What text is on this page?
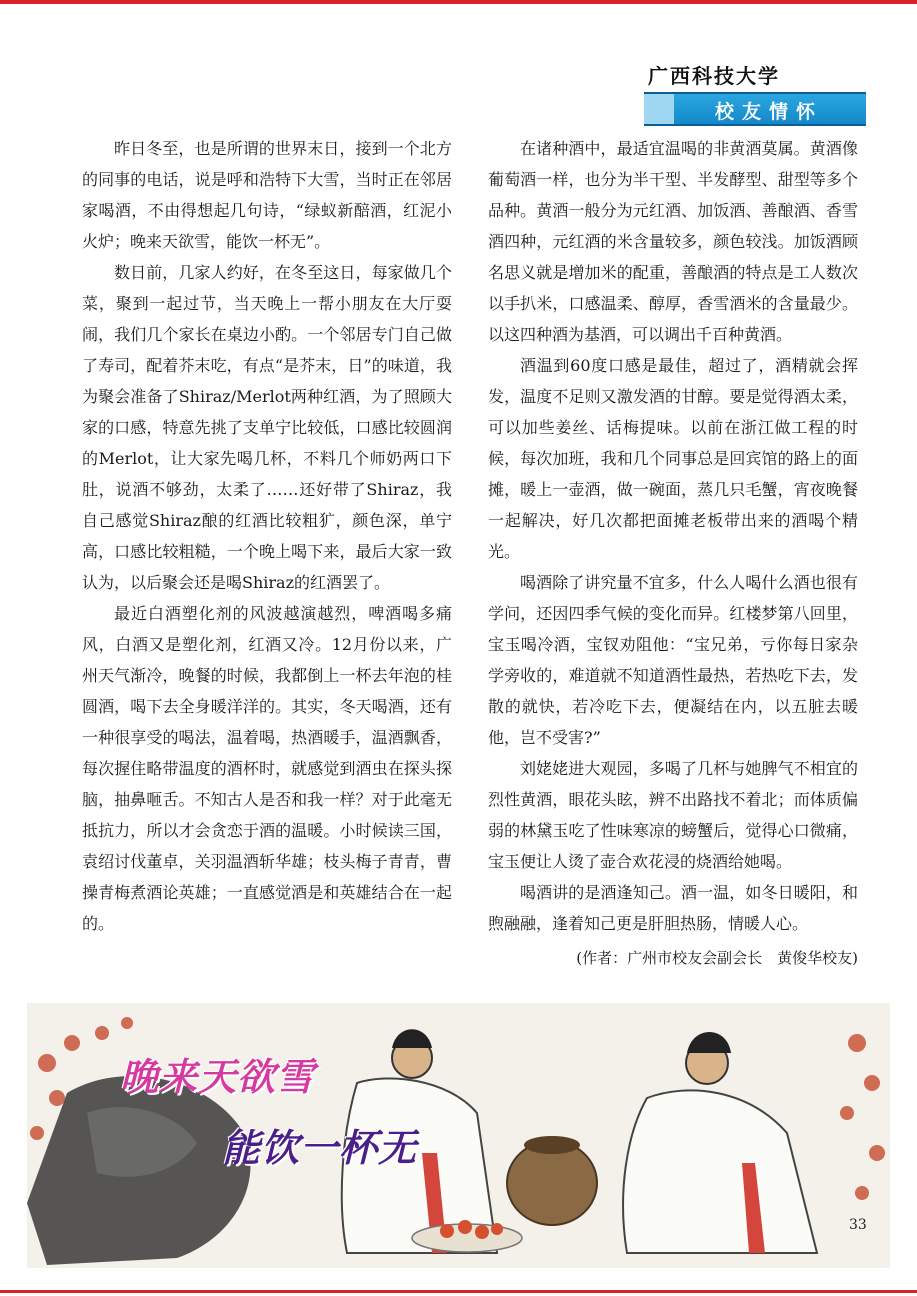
广西科技大学
校友情怀

昨日冬至，也是所谓的世界末日，接到一个北方的同事的电话，说是呼和浩特下大雪，当时正在邻居家喝酒，不由得想起几句诗，“绿蚁新醅酒，红泥小火炉；晚来天欲雪，能饮一杯无”。

数日前，几家人约好，在冬至这日，每家做几个菜，聚到一起过节，当天晚上一帮小朋友在大厅耍闹，我们几个家长在桌边小酌。一个邻居专门自己做了寿司，配着芥末吃，有点“是芥末，日”的味道，我为聚会准备了Shiraz/Merlot两种红酒，为了照顾大家的口感，特意先挑了支单宁比较低，口感比较圆润的Merlot，让大家先喝几杯，不料几个师奶两口下肚，说酒不够劲，太柔了……还好带了Shiraz，我自己感觉Shiraz酿的红酒比较粗犷，颜色深，单宁高，口感比较粗糙，一个晚上喝下来，最后大家一致认为，以后聚会还是喝Shiraz的红酒罢了。

最近白酒塑化剂的风波越演越烈，啤酒喝多痛风，白酒又是塑化剂，红酒又冷。12月份以来，广州天气渐冷，晚餐的时候，我都倒上一杯去年泡的桂圆酒，喝下去全身暖洋洋的。其实，冬天喝酒，还有一种很享受的喝法，温着喝，热酒暖手，温酒飘香，每次握住略带温度的酒杯时，就感觉到酒虫在探头探脑，抽鼻咂舌。不知古人是否和我一样？对于此毫无抵抗力，所以才会贪恋于酒的温暖。小时候读三国，袁绍讨伐董卓，关羽温酒斩华雄；枝头梅子青青，曹操青梅煮酒论英雄；一直感觉酒是和英雄结合在一起的。

在诸种酒中，最适宜温喝的非黄酒莫属。黄酒像葡萄酒一样，也分为半干型、半发酵型、甜型等多个品种。黄酒一般分为元红酒、加饭酒、善酿酒、香雪酒四种，元红酒的米含量较多，颜色较浅。加饭酒顾名思义就是增加米的配重，善酿酒的特点是工人数次以手扒米，口感温柔、醇厚，香雪酒米的含量最少。以这四种酒为基酒，可以调出千百种黄酒。

酒温到60度口感是最佳，超过了，酒精就会挥发，温度不足则又激发酒的甘醇。要是觉得酒太柔，可以加些姜丝、话梅提味。以前在浙江做工程的时候，每次加班，我和几个同事总是回宾馆的路上的面摊，暖上一壶酒，做一碗面，蒸几只毛蟹，宵夜晚餐一起解决，好几次都把面摊老板带出来的酒喝个精光。

喝酒除了讲究量不宜多，什么人喝什么酒也很有学问，还因四季气候的变化而异。红楼梦第八回里，宝玉喝冷酒，宝钗劝阻他：“宝兄弟，亏你每日家杂学旁收的，难道就不知道酒性最热，若热吃下去，发散的就快，若冷吃下去，便凝结在内，以五脏去暖他，岂不受害?”

刘姥姥进大观园，多喝了几杯与她脾气不相宜的烈性黄酒，眼花头眩，辨不出路找不着北；而体质偏弱的林黛玉吃了性味寒凉的螃蟹后，觉得心口微痛，宝玉便让人烫了壶合欢花浸的烧酒给她喝。

喝酒讲的是酒逢知己。酒一温，如冬日暖阳，和煦融融，逢着知己更是肝胆热肠，情暖人心。

(作者：广州市校友会副会长　黄俊华校友)

晚来天欲雪
能饮一杯无
33
